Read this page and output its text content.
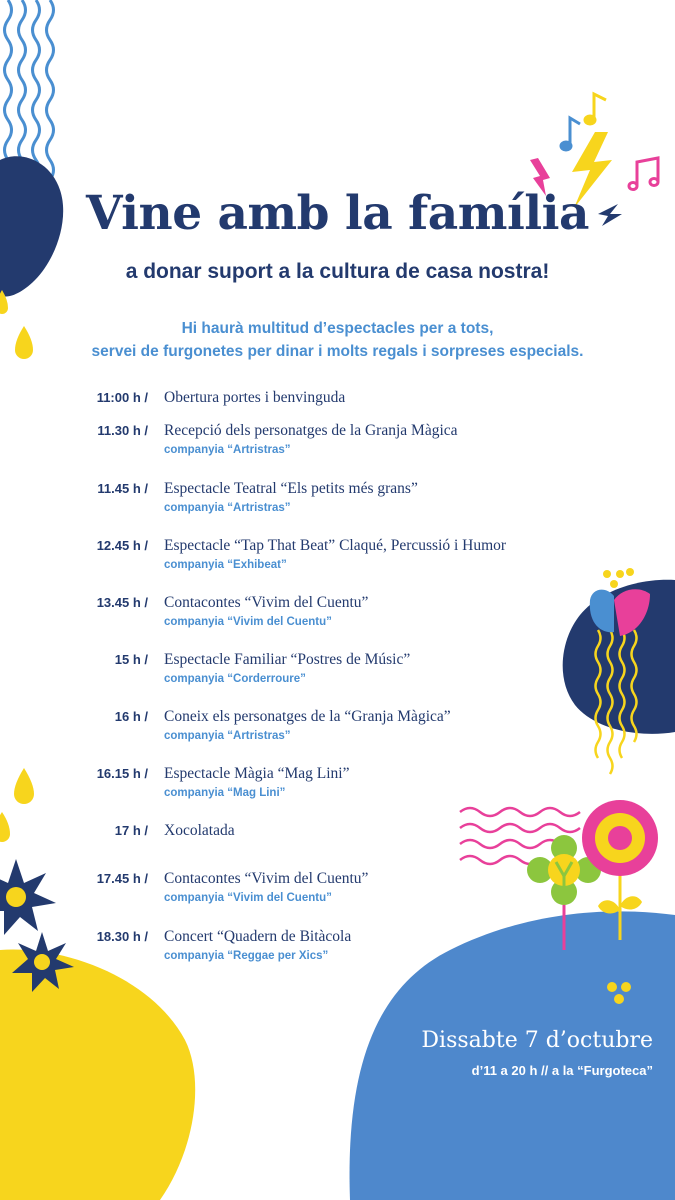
Vine amb la família
a donar suport a la cultura de casa nostra!
Hi haurà multitud d’espectacles per a tots,
servei de furgonetes per dinar i molts regals i sorpreses especials.
11:00 h / Obertura portes i benvinguda
11.30 h / Recepció dels personatges de la Granja Màgica
companyia “Artristras”
11.45 h / Espectacle Teatral “Els petits més grans”
companyia “Artristras”
12.45 h / Espectacle “Tap That Beat” Claqué, Percussió i Humor
companyia “Exhibeat”
13.45 h / Contacontes “Vivim del Cuentu”
companyia “Vivim del Cuentu”
15 h / Espectacle Familiar “Postres de Músic”
companyia “Corderroure”
16 h / Coneix els personatges de la “Granja Màgica”
companyia “Artristras”
16.15 h / Espectacle Màgia “Mag Lini”
companyia “Mag Lini”
17 h / Xocolatada
17.45 h / Contacontes “Vivim del Cuentu”
companyia “Vivim del Cuentu”
18.30 h / Concert “Quadern de Bitàcola
companyia “Reggae per Xics”
Dissabte 7 d’octubre
d’11 a 20 h // a la “Furgoteca”
